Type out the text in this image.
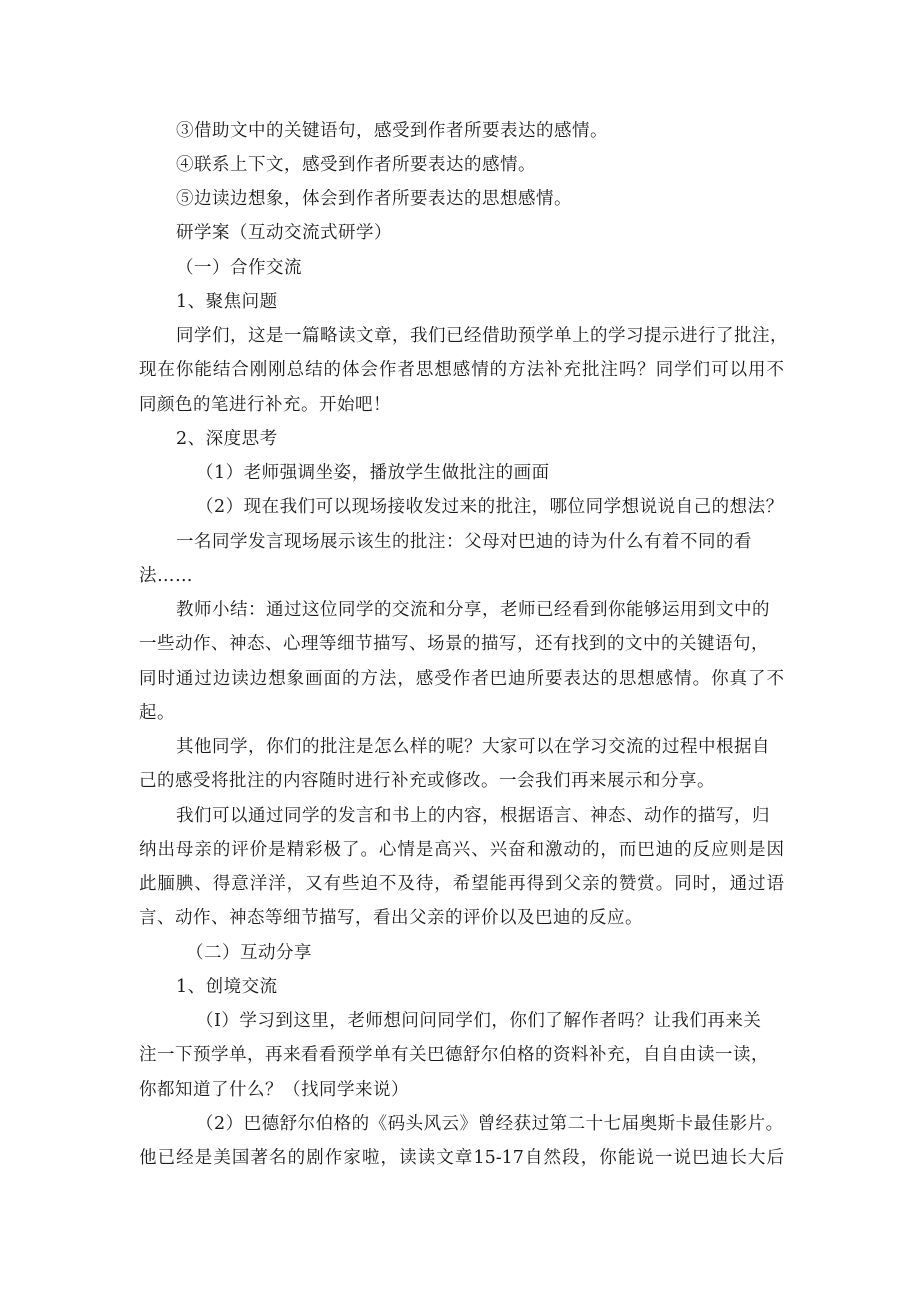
③借助文中的关键语句，感受到作者所要表达的感情。
④联系上下文，感受到作者所要表达的感情。
⑤边读边想象，体会到作者所要表达的思想感情。
研学案（互动交流式研学）
（一）合作交流
1、聚焦问题
同学们，这是一篇略读文章，我们已经借助预学单上的学习提示进行了批注，
现在你能结合刚刚总结的体会作者思想感情的方法补充批注吗？同学们可以用不
同颜色的笔进行补充。开始吧！
2、深度思考
（1）老师强调坐姿，播放学生做批注的画面
（2）现在我们可以现场接收发过来的批注，哪位同学想说说自己的想法？
一名同学发言现场展示该生的批注：父母对巴迪的诗为什么有着不同的看
法……
教师小结：通过这位同学的交流和分享，老师已经看到你能够运用到文中的
一些动作、神态、心理等细节描写、场景的描写，还有找到的文中的关键语句，
同时通过边读边想象画面的方法，感受作者巴迪所要表达的思想感情。你真了不
起。
其他同学，你们的批注是怎么样的呢？大家可以在学习交流的过程中根据自
己的感受将批注的内容随时进行补充或修改。一会我们再来展示和分享。
我们可以通过同学的发言和书上的内容，根据语言、神态、动作的描写，归
纳出母亲的评价是精彩极了。心情是高兴、兴奋和激动的，而巴迪的反应则是因
此腼腆、得意洋洋，又有些迫不及待，希望能再得到父亲的赞赏。同时，通过语
言、动作、神态等细节描写，看出父亲的评价以及巴迪的反应。
（二）互动分享
1、创境交流
（I）学习到这里，老师想问问同学们，你们了解作者吗？让我们再来关
注一下预学单，再来看看预学单有关巴德舒尔伯格的资料补充，自自由读一读，
你都知道了什么？（找同学来说）
（2）巴德舒尔伯格的《码头风云》曾经获过第二十七届奥斯卡最佳影片。
他已经是美国著名的剧作家啦，读读文章15-17自然段，你能说一说巴迪长大后
